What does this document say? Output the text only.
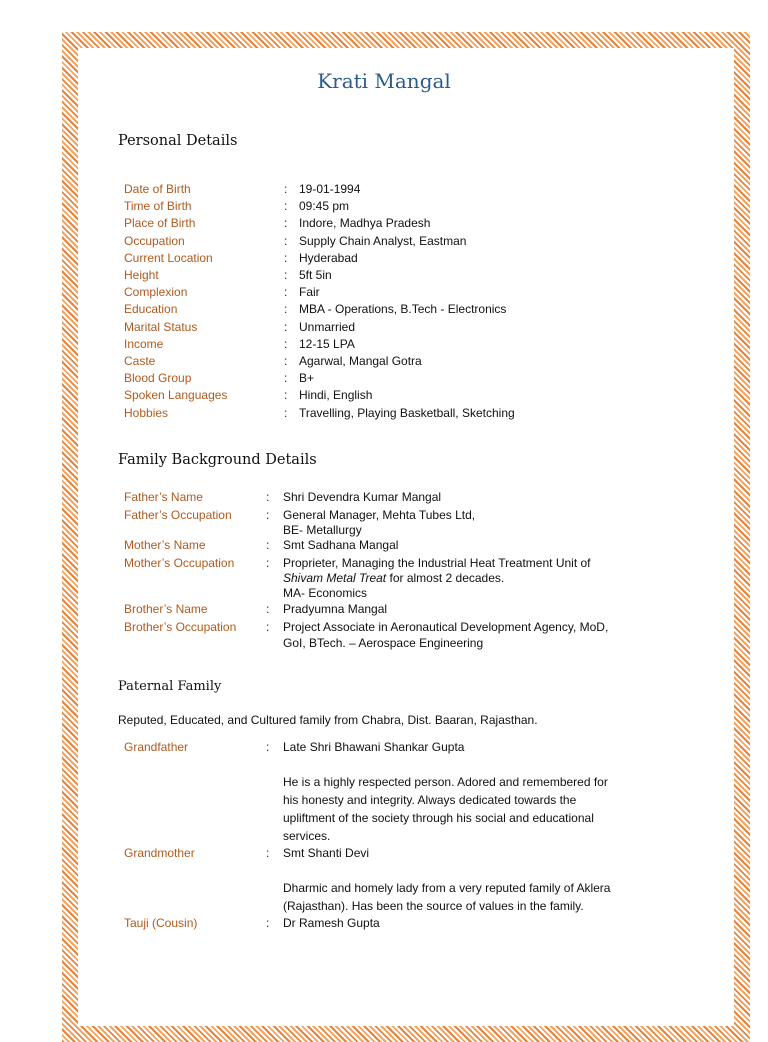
Krati Mangal
Personal Details
Date of Birth	: 19-01-1994
Time of Birth	: 09:45 pm
Place of Birth	: Indore, Madhya Pradesh
Occupation	: Supply Chain Analyst, Eastman
Current Location	: Hyderabad
Height	: 5ft 5in
Complexion	: Fair
Education	: MBA - Operations, B.Tech - Electronics
Marital Status	: Unmarried
Income	: 12-15 LPA
Caste	: Agarwal, Mangal Gotra
Blood Group	: B+
Spoken Languages	: Hindi, English
Hobbies	: Travelling, Playing Basketball, Sketching
Family Background Details
Father’s Name	: Shri Devendra Kumar Mangal
Father’s Occupation	: General Manager, Mehta Tubes Ltd,
BE- Metallurgy
Mother’s Name	: Smt Sadhana Mangal
Mother’s Occupation	: Proprieter, Managing the Industrial Heat Treatment Unit of
Shivam Metal Treat for almost 2 decades.
MA- Economics
Brother’s Name	: Pradyumna Mangal
Brother’s Occupation : Project Associate in Aeronautical Development Agency, MoD,
GoI, BTech. – Aerospace Engineering
Paternal Family
Reputed, Educated, and Cultured family from Chabra, Dist. Baaran, Rajasthan.
Grandfather	: Late Shri Bhawani Shankar Gupta
He is a highly respected person. Adored and remembered for
his honesty and integrity. Always dedicated towards the
upliftment of the society through his social and educational
services.
Grandmother	: Smt Shanti Devi
Dharmic and homely lady from a very reputed family of Aklera
(Rajasthan). Has been the source of values in the family.
Tauji (Cousin)	: Dr Ramesh Gupta
